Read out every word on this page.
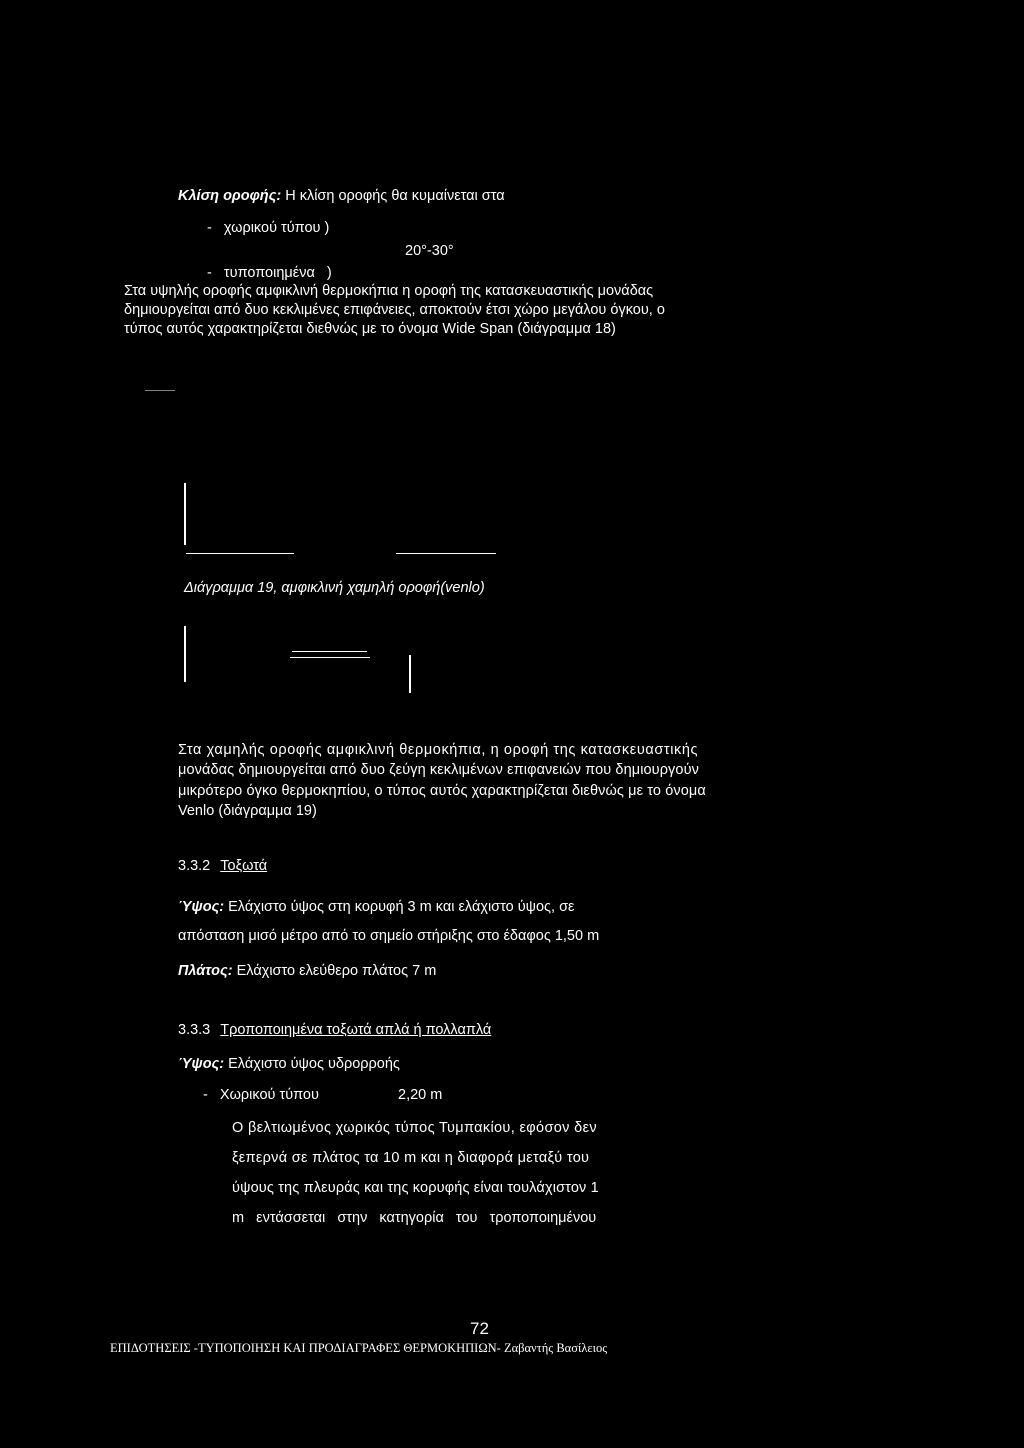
Κλίση οροφής: Η κλίση οροφής θα κυμαίνεται στα
-   χωρικού τύπου )
20°-30°
-   τυποποιημένα   )
Στα υψηλής οροφής αμφικλινή θερμοκήπια η οροφή της κατασκευαστικής μονάδας
δημιουργείται από δυο κεκλιμένες επιφάνειες, αποκτούν έτσι χώρο μεγάλου όγκου, ο
τύπος αυτός χαρακτηρίζεται διεθνώς με το όνομα Wide Span (διάγραμμα 18)
Διάγραμμα 19, αμφικλινή χαμηλή οροφή(venlo)
Στα χαμηλής οροφής αμφικλινή θερμοκήπια, η οροφή της κατασκευαστικής
μονάδας δημιουργείται από δυο ζεύγη κεκλιμένων επιφανειών που δημιουργούν
μικρότερο όγκο θερμοκηπίου, ο τύπος αυτός χαρακτηρίζεται διεθνώς με το όνομα
Venlo (διάγραμμα 19)
3.3.2 Τοξωτά
Ύψος: Ελάχιστο ύψος στη κορυφή 3 m και ελάχιστο ύψος, σε
απόσταση μισό μέτρο από το σημείο στήριξης στο έδαφος 1,50 m
Πλάτος: Ελάχιστο ελεύθερο πλάτος 7 m
3.3.3 Τροποποιημένα τοξωτά απλά ή πολλαπλά
Ύψος: Ελάχιστο ύψος υδρορροής
-   Χωρικού τύπου	2,20 m
Ο βελτιωμένος χωρικός τύπος Τυμπακίου, εφόσον δεν
ξεπερνά σε πλάτος τα 10 m και η διαφορά μεταξύ του
ύψους της πλευράς και της κορυφής είναι τουλάχιστον 1
m   εντάσσεται   στην   κατηγορία   του   τροποποιημένου
72
ΕΠΙΔΟΤΗΣΕΙΣ -ΤΥΠΟΠΟΙΗΣΗ ΚΑΙ ΠΡΟΔΙΑΓΡΑΦΕΣ ΘΕΡΜΟΚΗΠΙΩΝ- Ζαβαντής Βασίλειος
